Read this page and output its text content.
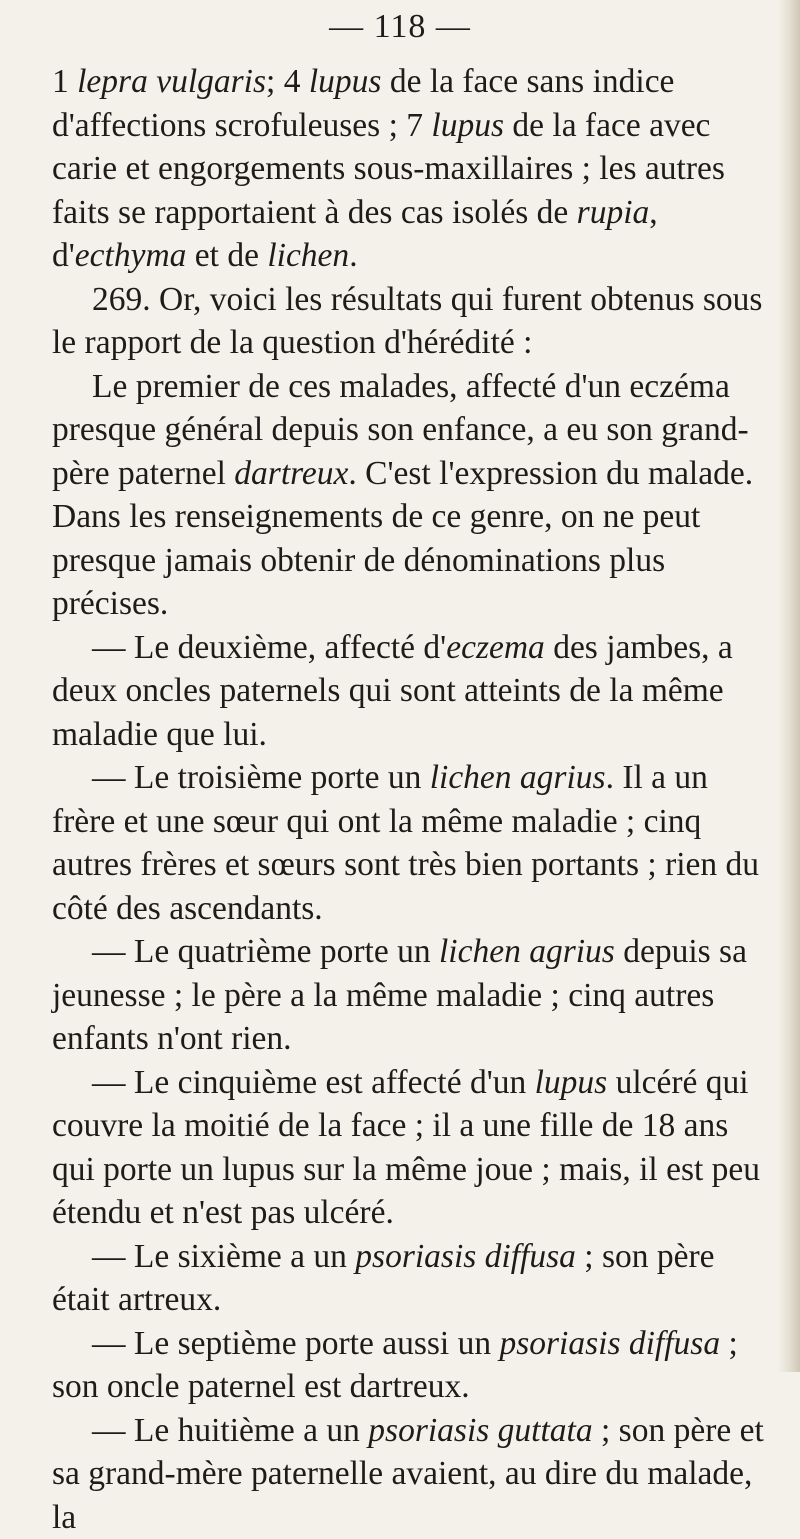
— 118 —

1 lepra vulgaris; 4 lupus de la face sans indice d'affections scrofuleuses ; 7 lupus de la face avec carie et engorgements sous-maxillaires ; les autres faits se rapportaient à des cas isolés de rupia, d'ecthyma et de lichen.

269. Or, voici les résultats qui furent obtenus sous le rapport de la question d'hérédité :

Le premier de ces malades, affecté d'un eczéma presque général depuis son enfance, a eu son grand-père paternel dartreux. C'est l'expression du malade. Dans les renseignements de ce genre, on ne peut presque jamais obtenir de dénominations plus précises.

— Le deuxième, affecté d'eczema des jambes, a deux oncles paternels qui sont atteints de la même maladie que lui.

— Le troisième porte un lichen agrius. Il a un frère et une sœur qui ont la même maladie ; cinq autres frères et sœurs sont très bien portants ; rien du côté des ascendants.

— Le quatrième porte un lichen agrius depuis sa jeunesse ; le père a la même maladie ; cinq autres enfants n'ont rien.

— Le cinquième est affecté d'un lupus ulcéré qui couvre la moitié de la face ; il a une fille de 18 ans qui porte un lupus sur la même joue ; mais, il est peu étendu et n'est pas ulcéré.

— Le sixième a un psoriasis diffusa ; son père était artreux.

— Le septième porte aussi un psoriasis diffusa ; son oncle paternel est dartreux.

— Le huitième a un psoriasis guttata ; son père et sa grand-mère paternelle avaient, au dire du malade, la
